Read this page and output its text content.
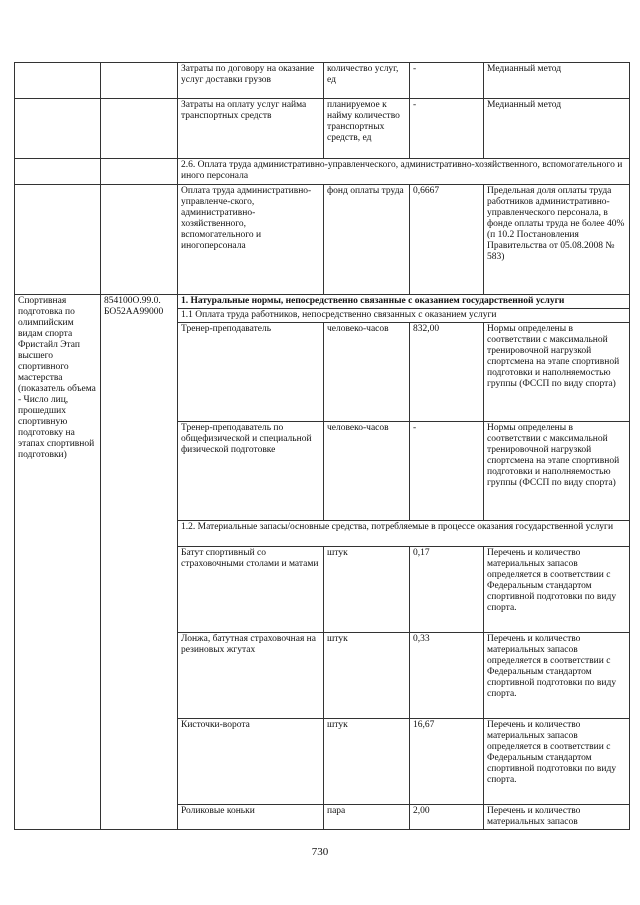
		Затраты по договору на оказание услуг доставки грузов	количество услуг, ед	-	Медианный метод
		Затраты на оплату услуг найма транспортных средств	планируемое к найму количество транспортных средств, ед	-	Медианный метод
		2.6. Оплата труда административно-управленческого, административно-хозяйственного, вспомогательного и иного персонала			
		Оплата труда административно-управленче-ского, административно-хозяйственного, вспомогательного и иногоперсонала	фонд оплаты труда	0,6667	Предельная доля оплаты труда работников административно-управленческого персонала, в фонде оплаты труда не более 40% (п 10.2 Постановления Правительства от 05.08.2008 № 583)
Спортивная подготовка по олимпийским видам спорта Фристайл Этап высшего спортивного мастерства (показатель объема - Число лиц, прошедших спортивную подготовку на этапах спортивной подготовки)	854100О.99.0. БО52АА99000	1. Натуральные нормы, непосредственно связанные с оказанием государственной услуги			
		1.1 Оплата труда работников, непосредственно связанных с оказанием услуги			
		Тренер-преподаватель	человеко-часов	832,00	Нормы определены в соответствии с максимальной тренировочной нагрузкой спортсмена на этапе спортивной подготовки и наполняемостью группы (ФССП по виду спорта)
		Тренер-преподаватель по общефизической и специальной физической подготовке	человеко-часов	-	Нормы определены в соответствии с максимальной тренировочной нагрузкой спортсмена на этапе спортивной подготовки и наполняемостью группы (ФССП по виду спорта)
		1.2. Материальные запасы/основные средства, потребляемые в процессе оказания государственной услуги			
		Батут спортивный со страховочными столами и матами	штук	0,17	Перечень и количество материальных запасов определяется в соответствии с Федеральным стандартом спортивной подготовки по виду спорта.
		Лонжа, батутная страховочная на резиновых жгутах	штук	0,33	Перечень и количество материальных запасов определяется в соответствии с Федеральным стандартом спортивной подготовки по виду спорта.
		Кисточки-ворота	штук	16,67	Перечень и количество материальных запасов определяется в соответствии с Федеральным стандартом спортивной подготовки по виду спорта.
		Роликовые коньки	пара	2,00	Перечень и количество материальных запасов
730
